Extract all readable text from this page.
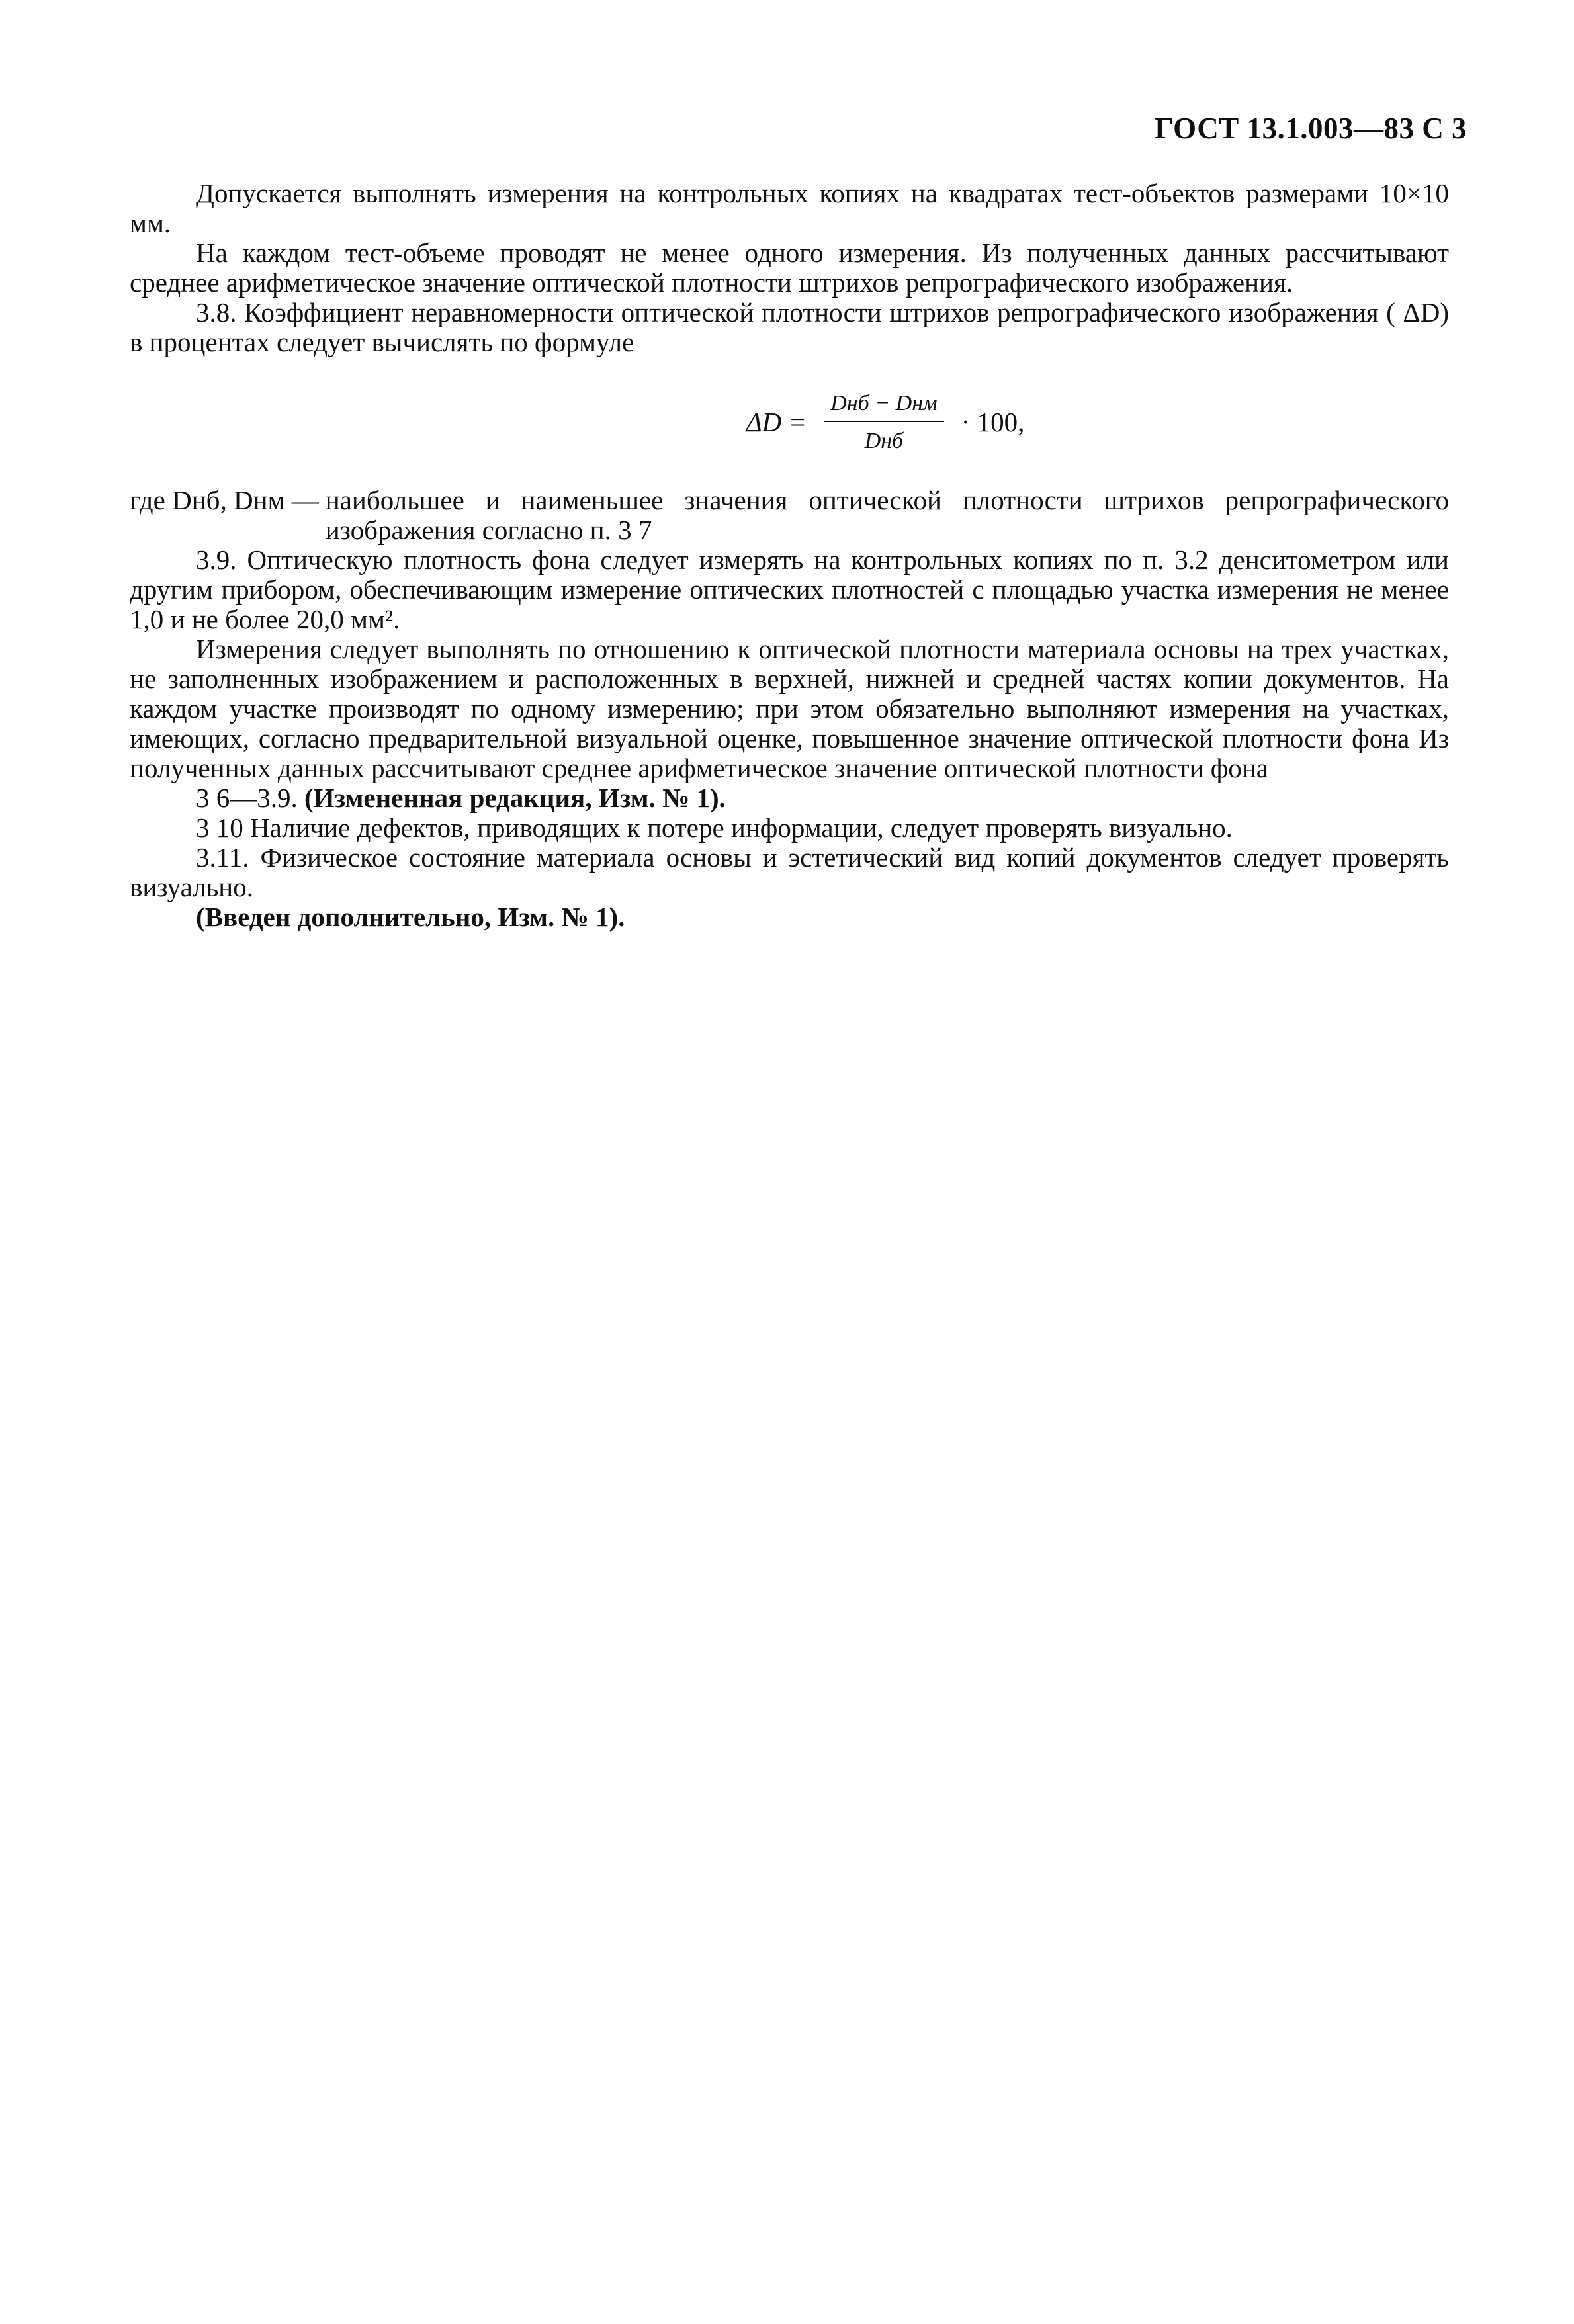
ГОСТ 13.1.003—83 С 3

Допускается выполнять измерения на контрольных копиях на квадратах тест-объектов размерами 10×10 мм.

На каждом тест-объеме проводят не менее одного измерения. Из полученных данных рассчитывают среднее арифметическое значение оптической плотности штрихов репрографического изображения.

3.8. Коэффициент неравномерности оптической плотности штрихов репрографического изображения ( ΔD) в процентах следует вычислять по формуле

$\Delta D = \frac{\text{Dнб − Dнм}}{\text{Dнб}} \cdot 100$,
где Dнб, Dнм — наибольшее и наименьшее значения оптической плотности штрихов репрографического изображения согласно п. 3 7

3.9. Оптическую плотность фона следует измерять на контрольных копиях по п. 3.2 денситометром или другим прибором, обеспечивающим измерение оптических плотностей с площадью участка измерения не менее 1,0 и не более 20,0 мм².

Измерения следует выполнять по отношению к оптической плотности материала основы на трех участках, не заполненных изображением и расположенных в верхней, нижней и средней частях копии документов. На каждом участке производят по одному измерению; при этом обязательно выполняют измерения на участках, имеющих, согласно предварительной визуальной оценке, повышенное значение оптической плотности фона Из полученных данных рассчитывают среднее арифметическое значение оптической плотности фона

3 6—3.9. (Измененная редакция, Изм. № 1).

3 10 Наличие дефектов, приводящих к потере информации, следует проверять визуально.

3.11. Физическое состояние материала основы и эстетический вид копий документов следует проверять визуально.

(Введен дополнительно, Изм. № 1).
